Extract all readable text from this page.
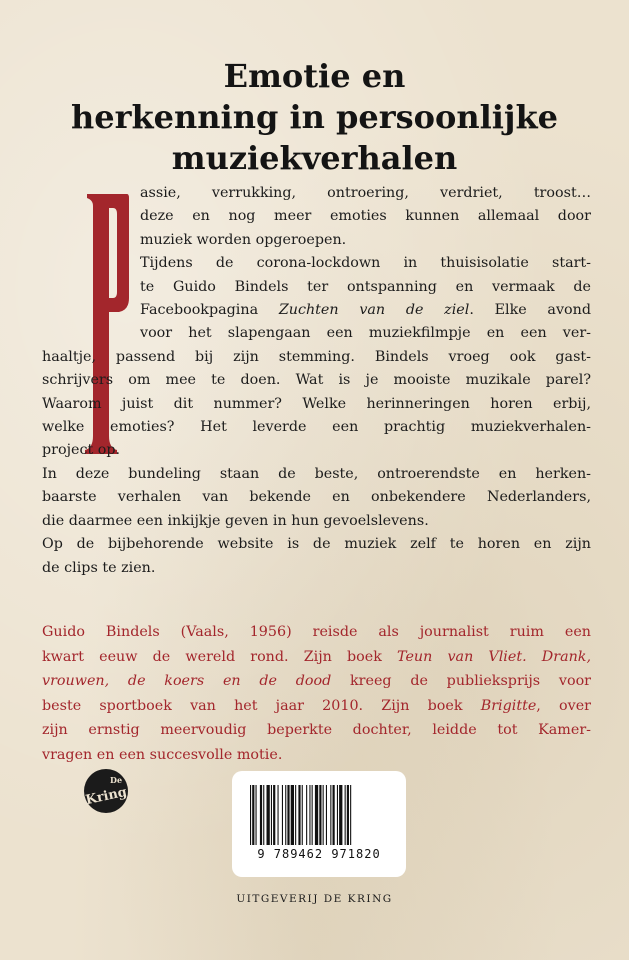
Emotie en
herkenning in persoonlijke
muziekverhalen
assie, verrukking, ontroering, verdriet, troost…
deze en nog meer emoties kunnen allemaal door
muziek worden opgeroepen.
Tijdens de corona-lockdown in thuisisolatie start-
te Guido Bindels ter ontspanning en vermaak de
Facebookpagina Zuchten van de ziel. Elke avond
voor het slapengaan een muziekfilmpje en een ver-
haaltje, passend bij zijn stemming. Bindels vroeg ook gast-
schrijvers om mee te doen. Wat is je mooiste muzikale parel?
Waarom juist dit nummer? Welke herinneringen horen erbij,
welke emoties? Het leverde een prachtig muziekverhalen-
project op.
In deze bundeling staan de beste, ontroerendste en herken-
baarste verhalen van bekende en onbekendere Nederlanders,
die daarmee een inkijkje geven in hun gevoelslevens.
Op de bijbehorende website is de muziek zelf te horen en zijn
de clips te zien.
Guido Bindels (Vaals, 1956) reisde als journalist ruim een
kwart eeuw de wereld rond. Zijn boek Teun van Vliet. Drank,
vrouwen, de koers en de dood kreeg de publieksprijs voor
beste sportboek van het jaar 2010. Zijn boek Brigitte, over
zijn ernstig meervoudig beperkte dochter, leidde tot Kamer-
vragen en een succesvolle motie.
De
Kring
9 789462 971820
UITGEVERIJ DE KRING
